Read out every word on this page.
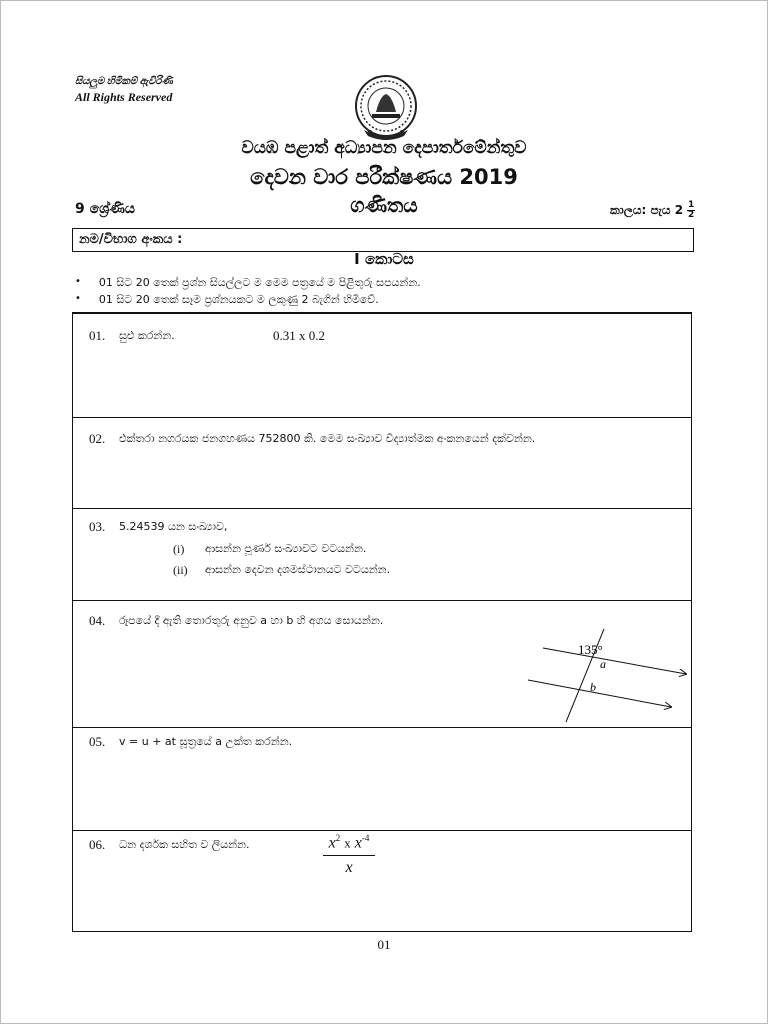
සියලුම හිමිකම් ඇවිරිණි
All Rights Reserved
වයඹ පළාත් අධ්‍යාපන දෙපාර්තමේන්තුව
දෙවන වාර පරීක්ෂණය 2019
ගණිතය
9 ශ්‍රේණිය	කාලය: පැය $2 \frac{1}{2}$
නම/විභාග අංකය :
I කොටස
• 01 සිට 20 තෙක් ප්‍රශ්න සියල්ලට ම මෙම පත්‍රයේ ම පිළිතුරු සපයන්න.
• 01 සිට 20 තෙක් සෑම ප්‍රශ්නයකට ම ලකුණු 2 බැගින් හිමිවේ.
01. සුළු කරන්න.	0.31 x 0.2
02. එක්තරා නගරයක ජනගහණය 752800 කි. මෙම සංඛ්‍යාව විද්‍යාත්මක අංකනයෙන් දක්වන්න.
03. 5.24539 යන සංඛ්‍යාව,
(i)	ආසන්න පූර්ණ සංඛ්‍යාවට වටයන්න.
(ii)	ආසන්න දෙවන දශමස්ථානයට වටයන්න.
04. රූපයේ දී ඇති තොරතුරු අනුව a හා b හි අගය සොයන්න.
135°
a
b
05. v = u + at සූත්‍රයේ a උක්ත කරන්න.
06. ධන දර්ශක සහිත ව ලියන්න.	$x^2$ x $x^{-4}$
x
01
